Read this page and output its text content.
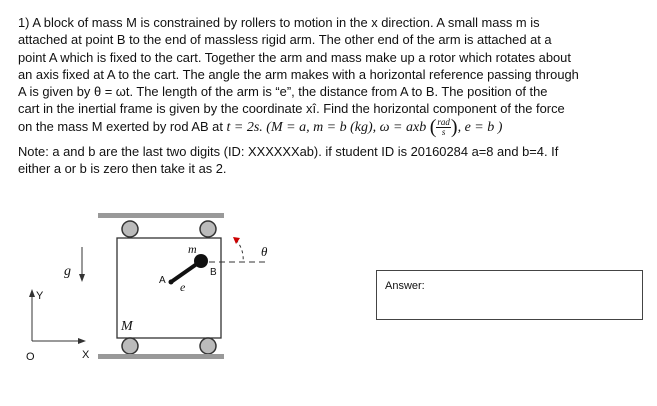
1) A block of mass M is constrained by rollers to motion in the x direction. A small mass m is

attached at point B to the end of massless rigid arm. The other end of the arm is attached at a

point A which is fixed to the cart. Together the arm and mass make up a rotor which rotates about

an axis fixed at A to the cart. The angle the arm makes with a horizontal reference passing through

A is given by θ = ωt. The length of the arm is “e”, the distance from A to B. The position of the

cart in the inertial frame is given by the coordinate xî. Find the horizontal component of the force

on the mass M exerted by rod AB at t = 2s. (M = a, m = b (kg), ω = axb ( $\frac{\text{rad}}{s}$ ), e = b )

Note: a and b are the last two digits (ID: XXXXXXab). if student ID is 20160284 a=8 and b=4. If

either a or b is zero then take it as 2.

g
Y
X
O
M
m
A
B
e
θ
Answer:
